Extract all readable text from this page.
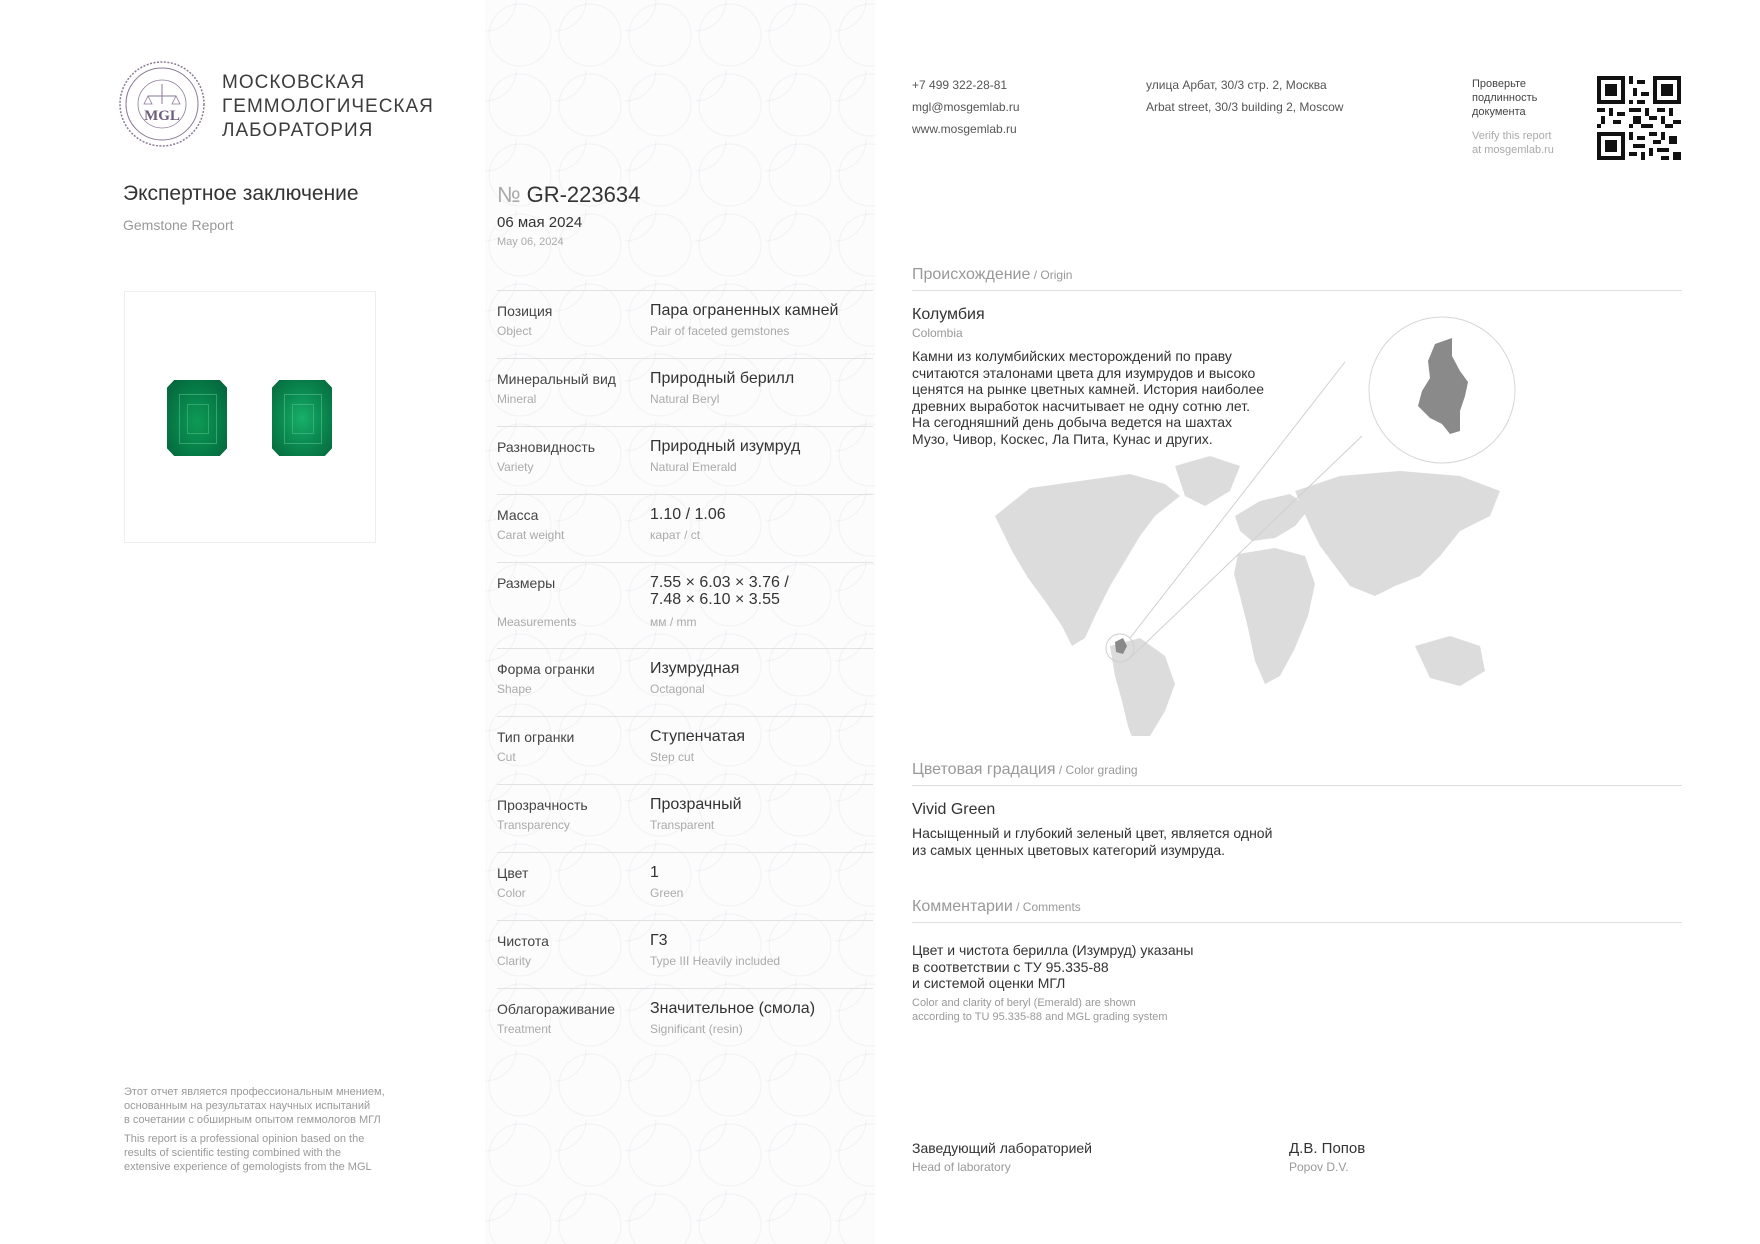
MGL
МОСКОВСКАЯ
ГЕММОЛОГИЧЕСКАЯ
ЛАБОРАТОРИЯ
Экспертное заключение
Gemstone Report
№ GR-223634
06 мая 2024
May 06, 2024
Позиция
Object
Пара ограненных камней
Pair of faceted gemstones
Минеральный вид
Mineral
Природный берилл
Natural Beryl
Разновидность
Variety
Природный изумруд
Natural Emerald
Масса
Carat weight
1.10 / 1.06
карат / ct
Размеры
Measurements
7.55 × 6.03 × 3.76 /
7.48 × 6.10 × 3.55
мм / mm
Форма огранки
Shape
Изумрудная
Octagonal
Тип огранки
Cut
Ступенчатая
Step cut
Прозрачность
Transparency
Прозрачный
Transparent
Цвет
Color
1
Green
Чистота
Clarity
Г3
Type III Heavily included
Облагораживание
Treatment
Значительное (смола)
Significant (resin)
+7 499 322-28-81
mgl@mosgemlab.ru
www.mosgemlab.ru
улица Арбат, 30/3 стр. 2, Москва
Arbat street, 30/3 building 2, Moscow
Проверьте
подлинность
документа
Verify this report
at mosgemlab.ru
Происхождение / Origin
Колумбия
Colombia
Камни из колумбийских месторождений по праву
считаются эталонами цвета для изумрудов и высоко
ценятся на рынке цветных камней. История наиболее
древних выработок насчитывает не одну сотню лет.
На сегодняшний день добыча ведется на шахтах
Музо, Чивор, Коскес, Ла Пита, Кунас и других.
Цветовая градация / Color grading
Vivid Green
Насыщенный и глубокий зеленый цвет, является одной
из самых ценных цветовых категорий изумруда.
Комментарии / Comments
Цвет и чистота берилла (Изумруд) указаны
в соответствии с ТУ 95.335-88
и системой оценки МГЛ
Color and clarity of beryl (Emerald) are shown
according to TU 95.335-88 and MGL grading system
Заведующий лабораторией
Head of laboratory
Д.В. Попов
Popov D.V.
Этот отчет является профессиональным мнением,
основанным на результатах научных испытаний
в сочетании с обширным опытом геммологов МГЛ
This report is a professional opinion based on the
results of scientific testing combined with the
extensive experience of gemologists from the MGL
